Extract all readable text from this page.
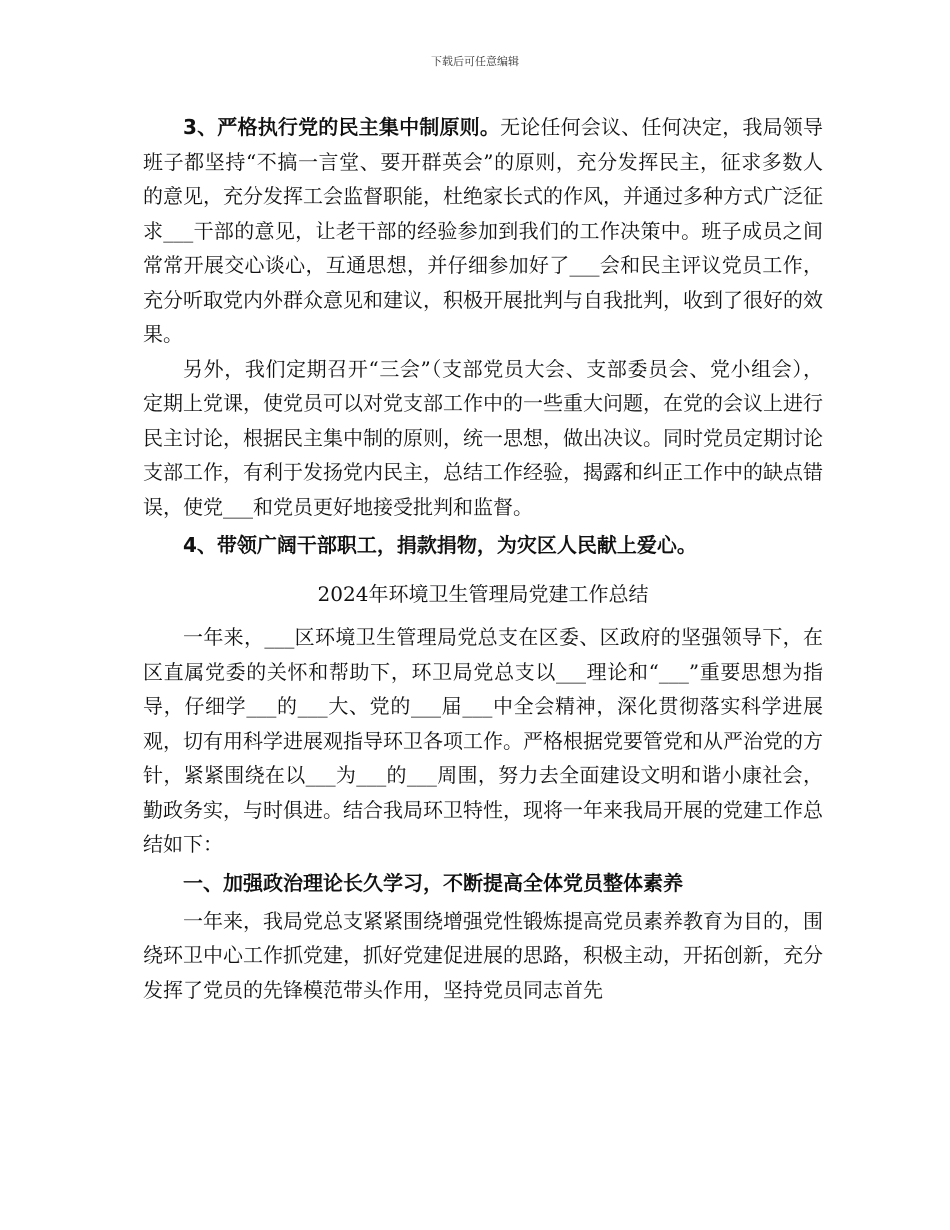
下载后可任意编辑

3、严格执行党的民主集中制原则。无论任何会议、任何决定，我局领导班子都坚持“不搞一言堂、要开群英会”的原则，充分发挥民主，征求多数人的意见，充分发挥工会监督职能，杜绝家长式的作风，并通过多种方式广泛征求___干部的意见，让老干部的经验参加到我们的工作决策中。班子成员之间常常开展交心谈心，互通思想，并仔细参加好了___会和民主评议党员工作，充分听取党内外群众意见和建议，积极开展批判与自我批判，收到了很好的效果。

另外，我们定期召开“三会”（支部党员大会、支部委员会、党小组会），定期上党课，使党员可以对党支部工作中的一些重大问题，在党的会议上进行民主讨论，根据民主集中制的原则，统一思想，做出决议。同时党员定期讨论支部工作，有利于发扬党内民主，总结工作经验，揭露和纠正工作中的缺点错误，使党___和党员更好地接受批判和监督。

4、带领广阔干部职工，捐款捐物，为灾区人民献上爱心。

2024年环境卫生管理局党建工作总结

一年来，___区环境卫生管理局党总支在区委、区政府的坚强领导下，在区直属党委的关怀和帮助下，环卫局党总支以___理论和“___”重要思想为指导，仔细学___的___大、党的___届___中全会精神，深化贯彻落实科学进展观，切有用科学进展观指导环卫各项工作。严格根据党要管党和从严治党的方针，紧紧围绕在以___为___的___周围，努力去全面建设文明和谐小康社会，勤政务实，与时俱进。结合我局环卫特性，现将一年来我局开展的党建工作总结如下：

一、加强政治理论长久学习，不断提高全体党员整体素养

一年来，我局党总支紧紧围绕增强党性锻炼提高党员素养教育为目的，围绕环卫中心工作抓党建，抓好党建促进展的思路，积极主动，开拓创新，充分发挥了党员的先锋模范带头作用，坚持党员同志首先
